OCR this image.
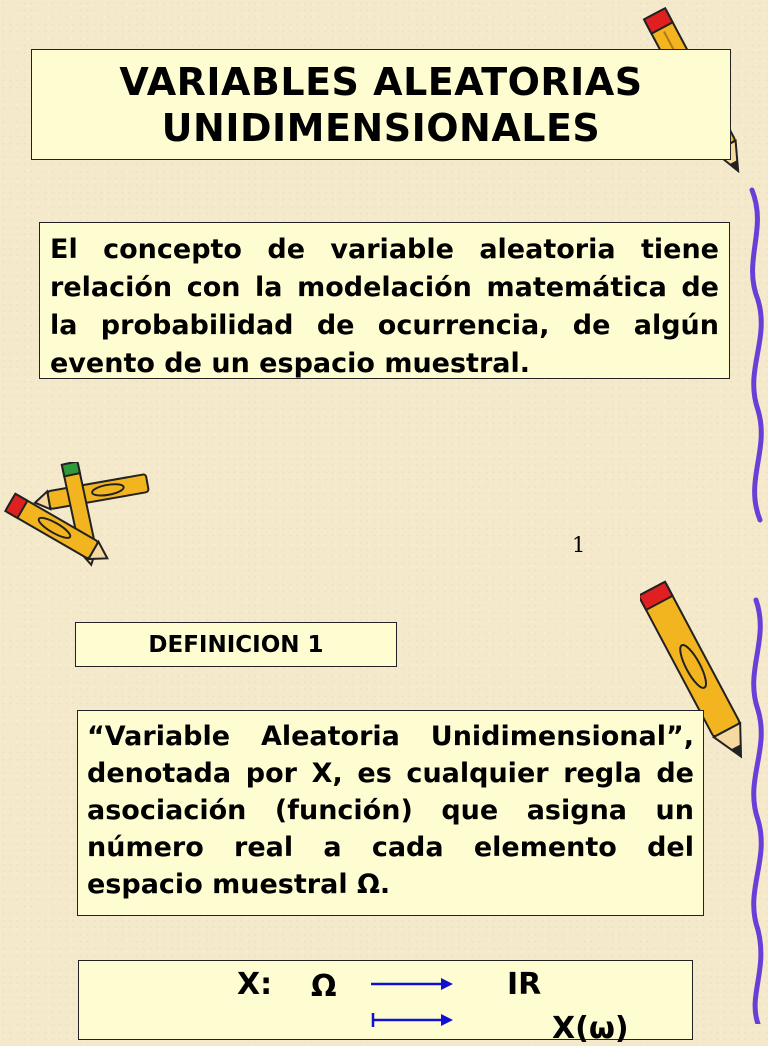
VARIABLES ALEATORIAS
UNIDIMENSIONALES

El concepto de variable aleatoria tiene relación con la modelación matemática de la probabilidad de ocurrencia, de algún evento de un espacio muestral.

1
DEFINICION 1

“Variable Aleatoria Unidimensional”, denotada por X, es cualquier regla de asociación (función) que asigna un número real a cada elemento del espacio muestral Ω.

X: Ω	IR
X(ω)
